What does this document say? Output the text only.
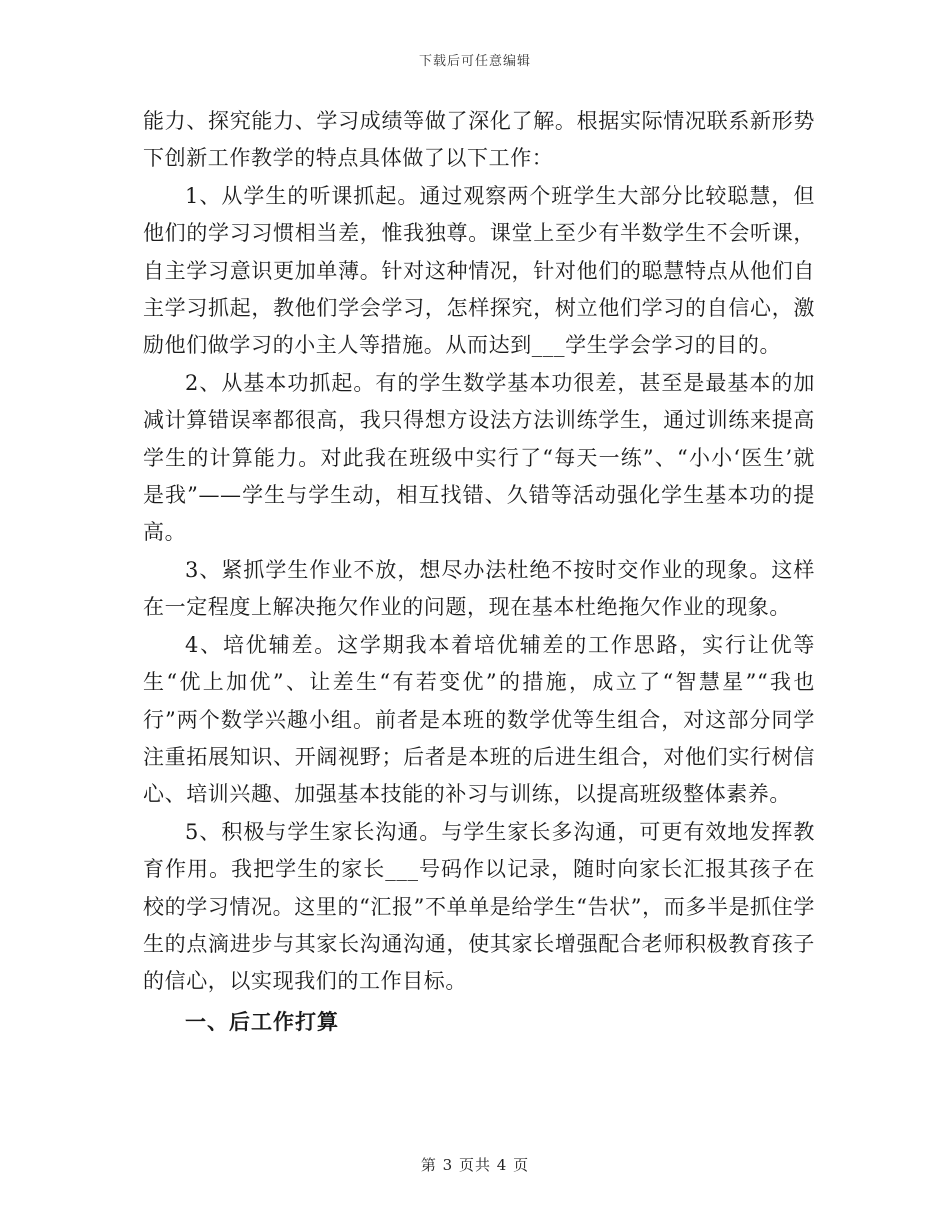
下载后可任意编辑

能力、探究能力、学习成绩等做了深化了解。根据实际情况联系新形势下创新工作教学的特点具体做了以下工作：

1、从学生的听课抓起。通过观察两个班学生大部分比较聪慧，但他们的学习习惯相当差，惟我独尊。课堂上至少有半数学生不会听课，自主学习意识更加单薄。针对这种情况，针对他们的聪慧特点从他们自主学习抓起，教他们学会学习，怎样探究，树立他们学习的自信心，激励他们做学习的小主人等措施。从而达到___学生学会学习的目的。

2、从基本功抓起。有的学生数学基本功很差，甚至是最基本的加减计算错误率都很高，我只得想方设法方法训练学生，通过训练来提高学生的计算能力。对此我在班级中实行了“每天一练”、“小小‘医生’就是我”——学生与学生动，相互找错、久错等活动强化学生基本功的提高。

3、紧抓学生作业不放，想尽办法杜绝不按时交作业的现象。这样在一定程度上解决拖欠作业的问题，现在基本杜绝拖欠作业的现象。

4、培优辅差。这学期我本着培优辅差的工作思路，实行让优等生“优上加优”、让差生“有若变优”的措施，成立了“智慧星”“我也行”两个数学兴趣小组。前者是本班的数学优等生组合，对这部分同学注重拓展知识、开阔视野；后者是本班的后进生组合，对他们实行树信心、培训兴趣、加强基本技能的补习与训练，以提高班级整体素养。

5、积极与学生家长沟通。与学生家长多沟通，可更有效地发挥教育作用。我把学生的家长___号码作以记录，随时向家长汇报其孩子在校的学习情况。这里的“汇报”不单单是给学生“告状”，而多半是抓住学生的点滴进步与其家长沟通沟通，使其家长增强配合老师积极教育孩子的信心，以实现我们的工作目标。

一、后工作打算

第 3 页共 4 页
